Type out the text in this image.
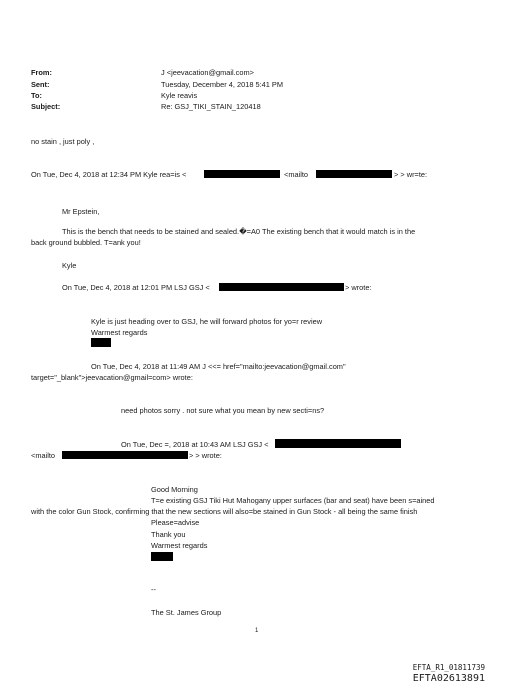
From:	J <jeevacation@gmail.com>
Sent:	Tuesday, December 4, 2018 5:41 PM
To:	Kyle reavis
Subject:	Re: GSJ_TIKI_STAIN_120418
no stain , just poly ,
On Tue, Dec 4, 2018 at 12:34 PM Kyle rea=is <	<mailto	> > wr=te:
Mr Epstein,
This is the bench that needs to be stained and sealed.�=A0 The existing bench that it would match is in the
back ground bubbled. T=ank you!
Kyle
On Tue, Dec 4, 2018 at 12:01 PM LSJ GSJ <	> wrote:
Kyle is just heading over to GSJ, he will forward photos for yo=r review
Warmest regards
On Tue, Dec 4, 2018 at 11:49 AM J <<= href="mailto:jeevacation@gmail.com"
target="_blank">jeevacation@gmail=com> wrote:
need photos sorry . not sure what you mean by new secti=ns?
On Tue, Dec =, 2018 at 10:43 AM LSJ GSJ <
<mailto	> > wrote:
Good Morning
T=e existing GSJ Tiki Hut Mahogany upper surfaces (bar and seat) have been s=ained
with the color Gun Stock, confirming that the new sections will also=be stained in Gun Stock - all being the same finish
Please=advise
Thank you
Warmest regards
--
The St. James Group
1
EFTA_R1_01811739
EFTA02613891
